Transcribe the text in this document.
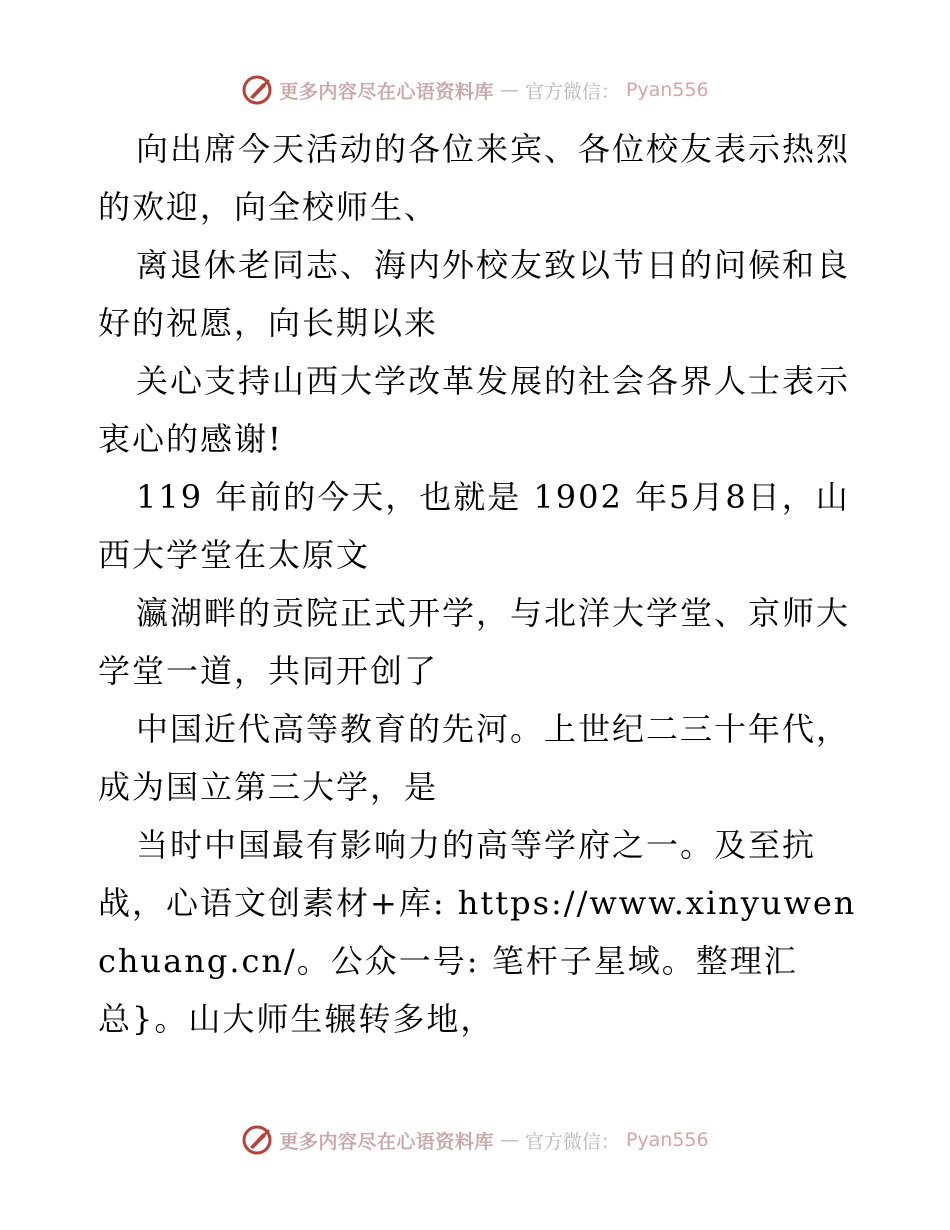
更多内容尽在心语资料库 — 官方微信： Pyan556

向出席今天活动的各位来宾、各位校友表示热烈的欢迎，向全校师生、

离退休老同志、海内外校友致以节日的问候和良好的祝愿，向长期以来

关心支持山西大学改革发展的社会各界人士表示衷心的感谢!

119 年前的今天，也就是 1902 年5月8日，山西大学堂在太原文

瀛湖畔的贡院正式开学，与北洋大学堂、京师大学堂一道，共同开创了

中国近代高等教育的先河。上世纪二三十年代，成为国立第三大学，是

当时中国最有影响力的高等学府之一。及至抗战，心语文创素材+库: https://www.xinyuwenchuang.cn/。公众一号: 笔杆子星域。整理汇总}。山大师生辗转多地，

更多内容尽在心语资料库 — 官方微信： Pyan556
